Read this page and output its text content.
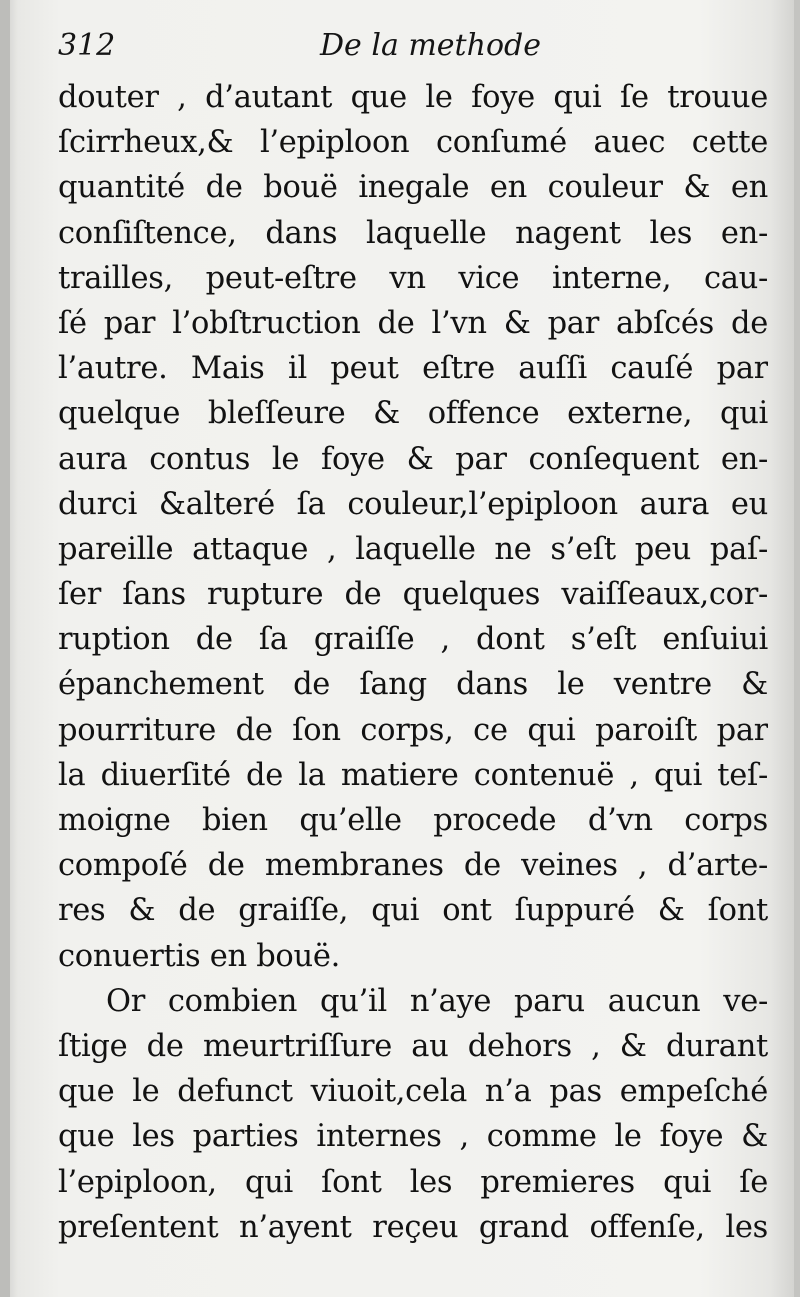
312	De la methode
douter , d’autant que le foye qui ſe trouue
ſcirrheux,& l’epiploon conſumé auec cette
quantité de bouë inegale en couleur & en
conſiſtence, dans laquelle nagent les en-
trailles, peut-eſtre vn vice interne, cau-
ſé par l’obſtruction de l’vn & par abſcés de
l’autre. Mais il peut eſtre auſſi cauſé par
quelque bleſſeure & offence externe, qui
aura contus le foye & par conſequent en-
durci &alteré ſa couleur,l’epiploon aura eu
pareille attaque , laquelle ne s’eſt peu paſ-
ſer ſans rupture de quelques vaiſſeaux,cor-
ruption de ſa graiſſe , dont s’eſt enſuiui
épanchement de ſang dans le ventre &
pourriture de ſon corps, ce qui paroiſt par
la diuerſité de la matiere contenuë , qui teſ-
moigne bien qu’elle procede d’vn corps
compoſé de membranes de veines , d’arte-
res & de graiſſe, qui ont ſuppuré & ſont
conuertis en bouë.
Or combien qu’il n’aye paru aucun ve-
ſtige de meurtriſſure au dehors , & durant
que le defunct viuoit,cela n’a pas empeſché
que les parties internes , comme le foye &
l’epiploon, qui ſont les premieres qui ſe
preſentent n’ayent reçeu grand offenſe, les
